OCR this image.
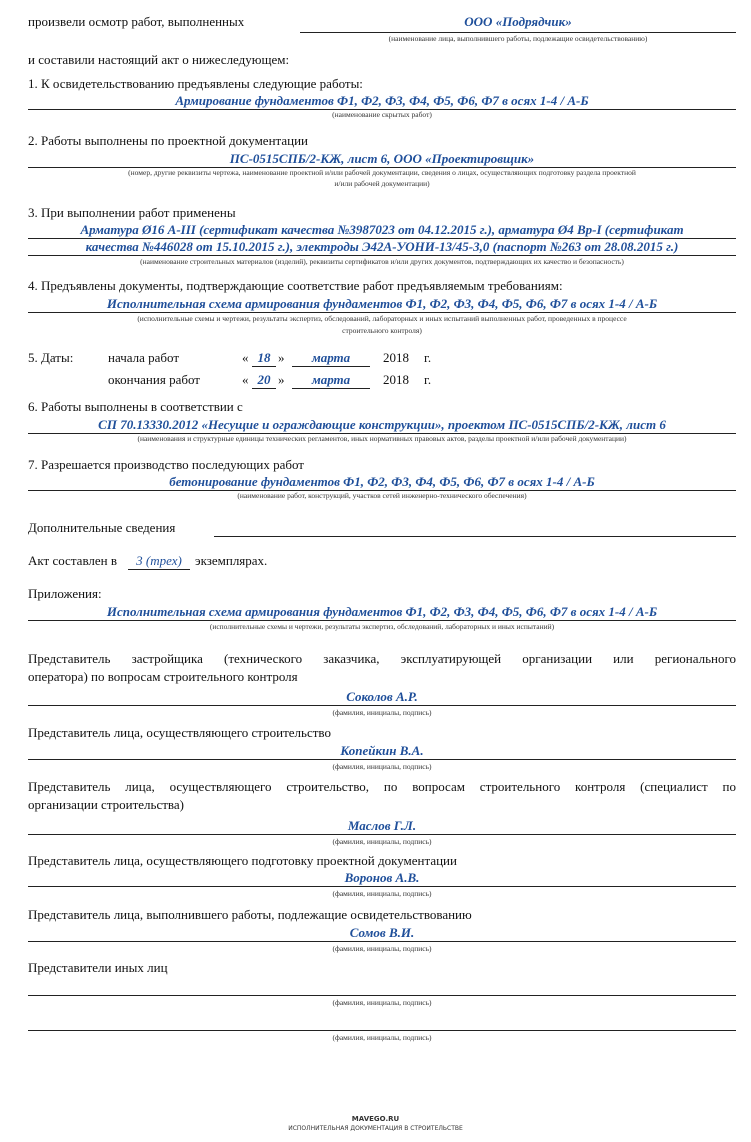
произвели осмотр работ, выполненных	ООО «Подрядчик»
(наименование лица, выполнившего работы, подлежащие освидетельствованию)
и составили настоящий акт о нижеследующем:
1. К освидетельствованию предъявлены следующие работы:
Армирование фундаментов Ф1, Ф2, Ф3, Ф4, Ф5, Ф6, Ф7 в осях 1-4 / А-Б
(наименование скрытых работ)
2. Работы выполнены по проектной документации
ПС-0515СПБ/2-КЖ, лист 6, ООО «Проектировщик»
(номер, другие реквизиты чертежа, наименование проектной и/или рабочей документации, сведения о лицах, осуществляющих подготовку раздела проектной
и/или рабочей документации)
3. При выполнении работ применены
Арматура Ø16 А-III (сертификат качества №3987023 от 04.12.2015 г.), арматура Ø4 Вр-I (сертификат
качества №446028 от 15.10.2015 г.), электроды Э42А-УОНИ-13/45-3,0 (паспорт №263 от 28.08.2015 г.)
(наименование строительных материалов (изделий), реквизиты сертификатов и/или других документов, подтверждающих их качество и безопасность)
4. Предъявлены документы, подтверждающие соответствие работ предъявляемым требованиям:
Исполнительная схема армирования фундаментов Ф1, Ф2, Ф3, Ф4, Ф5, Ф6, Ф7 в осях 1-4 / А-Б
(исполнительные схемы и чертежи, результаты экспертиз, обследований, лабораторных и иных испытаний выполненных работ, проведенных в процессе
строительного контроля)
5. Даты:	начала работ	« 18 »	марта	2018 г.
окончания работ	« 20 »	марта	2018 г.
6. Работы выполнены в соответствии с
СП 70.13330.2012 «Несущие и ограждающие конструкции», проектом ПС-0515СПБ/2-КЖ, лист 6
(наименования и структурные единицы технических регламентов, иных нормативных правовых актов, разделы проектной и/или рабочей документации)
7. Разрешается производство последующих работ
бетонирование фундаментов Ф1, Ф2, Ф3, Ф4, Ф5, Ф6, Ф7 в осях 1-4 / А-Б
(наименование работ, конструкций, участков сетей инженерно-технического обеспечения)
Дополнительные сведения
Акт составлен в	3 (трех)	экземплярах.
Приложения:
Исполнительная схема армирования фундаментов Ф1, Ф2, Ф3, Ф4, Ф5, Ф6, Ф7 в осях 1-4 / А-Б
(исполнительные схемы и чертежи, результаты экспертиз, обследований, лабораторных и иных испытаний)
Представитель застройщика (технического заказчика, эксплуатирующей организации или регионального
оператора) по вопросам строительного контроля
Соколов А.Р.
(фамилия, инициалы, подпись)
Представитель лица, осуществляющего строительство
Копейкин В.А.
(фамилия, инициалы, подпись)
Представитель лица, осуществляющего строительство, по вопросам строительного контроля (специалист по
организации строительства)
Маслов Г.Л.
(фамилия, инициалы, подпись)
Представитель лица, осуществляющего подготовку проектной документации
Воронов А.В.
(фамилия, инициалы, подпись)
Представитель лица, выполнившего работы, подлежащие освидетельствованию
Сомов В.И.
(фамилия, инициалы, подпись)
Представители иных лиц
(фамилия, инициалы, подпись)
(фамилия, инициалы, подпись)
MAVEGO.RU
ИСПОЛНИТЕЛЬНАЯ ДОКУМЕНТАЦИЯ В СТРОИТЕЛЬСТВЕ
